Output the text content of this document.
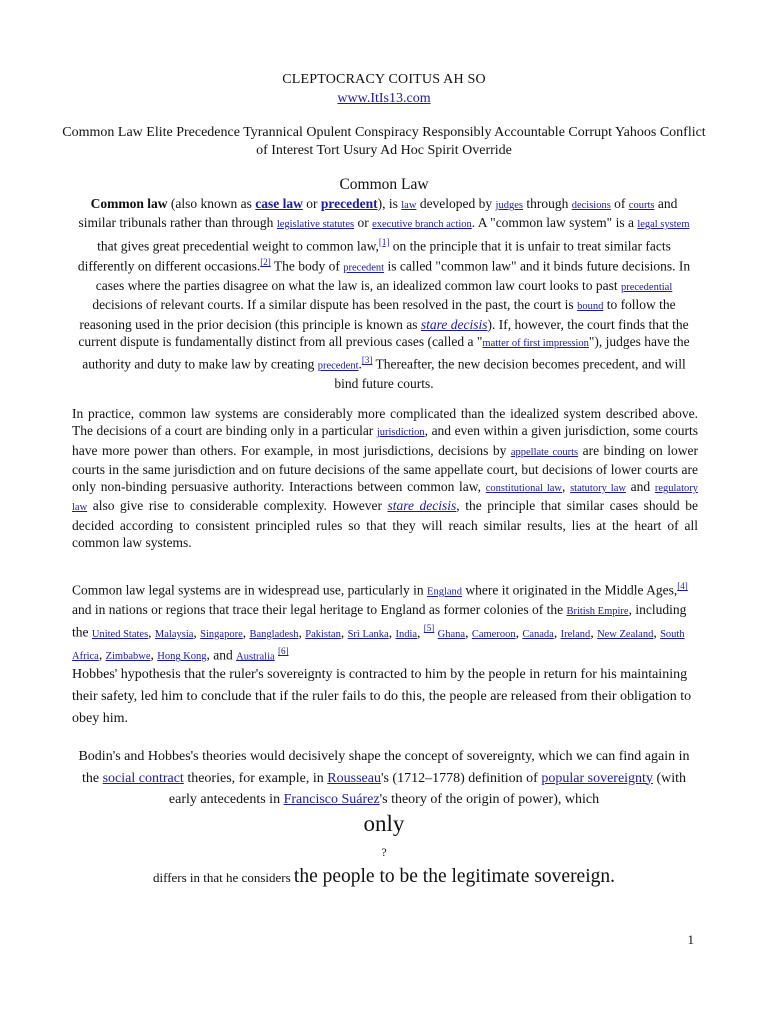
CLEPTOCRACY COITUS AH SO
www.ItIs13.com
Common Law Elite Precedence Tyrannical Opulent Conspiracy Responsibly Accountable Corrupt Yahoos Conflict of Interest Tort Usury Ad Hoc Spirit Override
Common Law
Common law (also known as case law or precedent), is law developed by judges through decisions of courts and similar tribunals rather than through legislative statutes or executive branch action. A "common law system" is a legal system that gives great precedential weight to common law,[1] on the principle that it is unfair to treat similar facts differently on different occasions.[2] The body of precedent is called "common law" and it binds future decisions. In cases where the parties disagree on what the law is, an idealized common law court looks to past precedential decisions of relevant courts. If a similar dispute has been resolved in the past, the court is bound to follow the reasoning used in the prior decision (this principle is known as stare decisis). If, however, the court finds that the current dispute is fundamentally distinct from all previous cases (called a "matter of first impression"), judges have the authority and duty to make law by creating precedent.[3] Thereafter, the new decision becomes precedent, and will bind future courts.
In practice, common law systems are considerably more complicated than the idealized system described above. The decisions of a court are binding only in a particular jurisdiction, and even within a given jurisdiction, some courts have more power than others. For example, in most jurisdictions, decisions by appellate courts are binding on lower courts in the same jurisdiction and on future decisions of the same appellate court, but decisions of lower courts are only non-binding persuasive authority. Interactions between common law, constitutional law, statutory law and regulatory law also give rise to considerable complexity. However stare decisis, the principle that similar cases should be decided according to consistent principled rules so that they will reach similar results, lies at the heart of all common law systems.
Common law legal systems are in widespread use, particularly in England where it originated in the Middle Ages,[4] and in nations or regions that trace their legal heritage to England as former colonies of the British Empire, including the United States, Malaysia, Singapore, Bangladesh, Pakistan, Sri Lanka, India, [5] Ghana, Cameroon, Canada, Ireland, New Zealand, South Africa, Zimbabwe, Hong Kong, and Australia [6]
Hobbes' hypothesis that the ruler's sovereignty is contracted to him by the people in return for his maintaining their safety, led him to conclude that if the ruler fails to do this, the people are released from their obligation to obey him.
Bodin's and Hobbes's theories would decisively shape the concept of sovereignty, which we can find again in the social contract theories, for example, in Rousseau's (1712–1778) definition of popular sovereignty (with early antecedents in Francisco Suárez's theory of the origin of power), which
only
?
differs in that he considers the people to be the legitimate sovereign.
1
